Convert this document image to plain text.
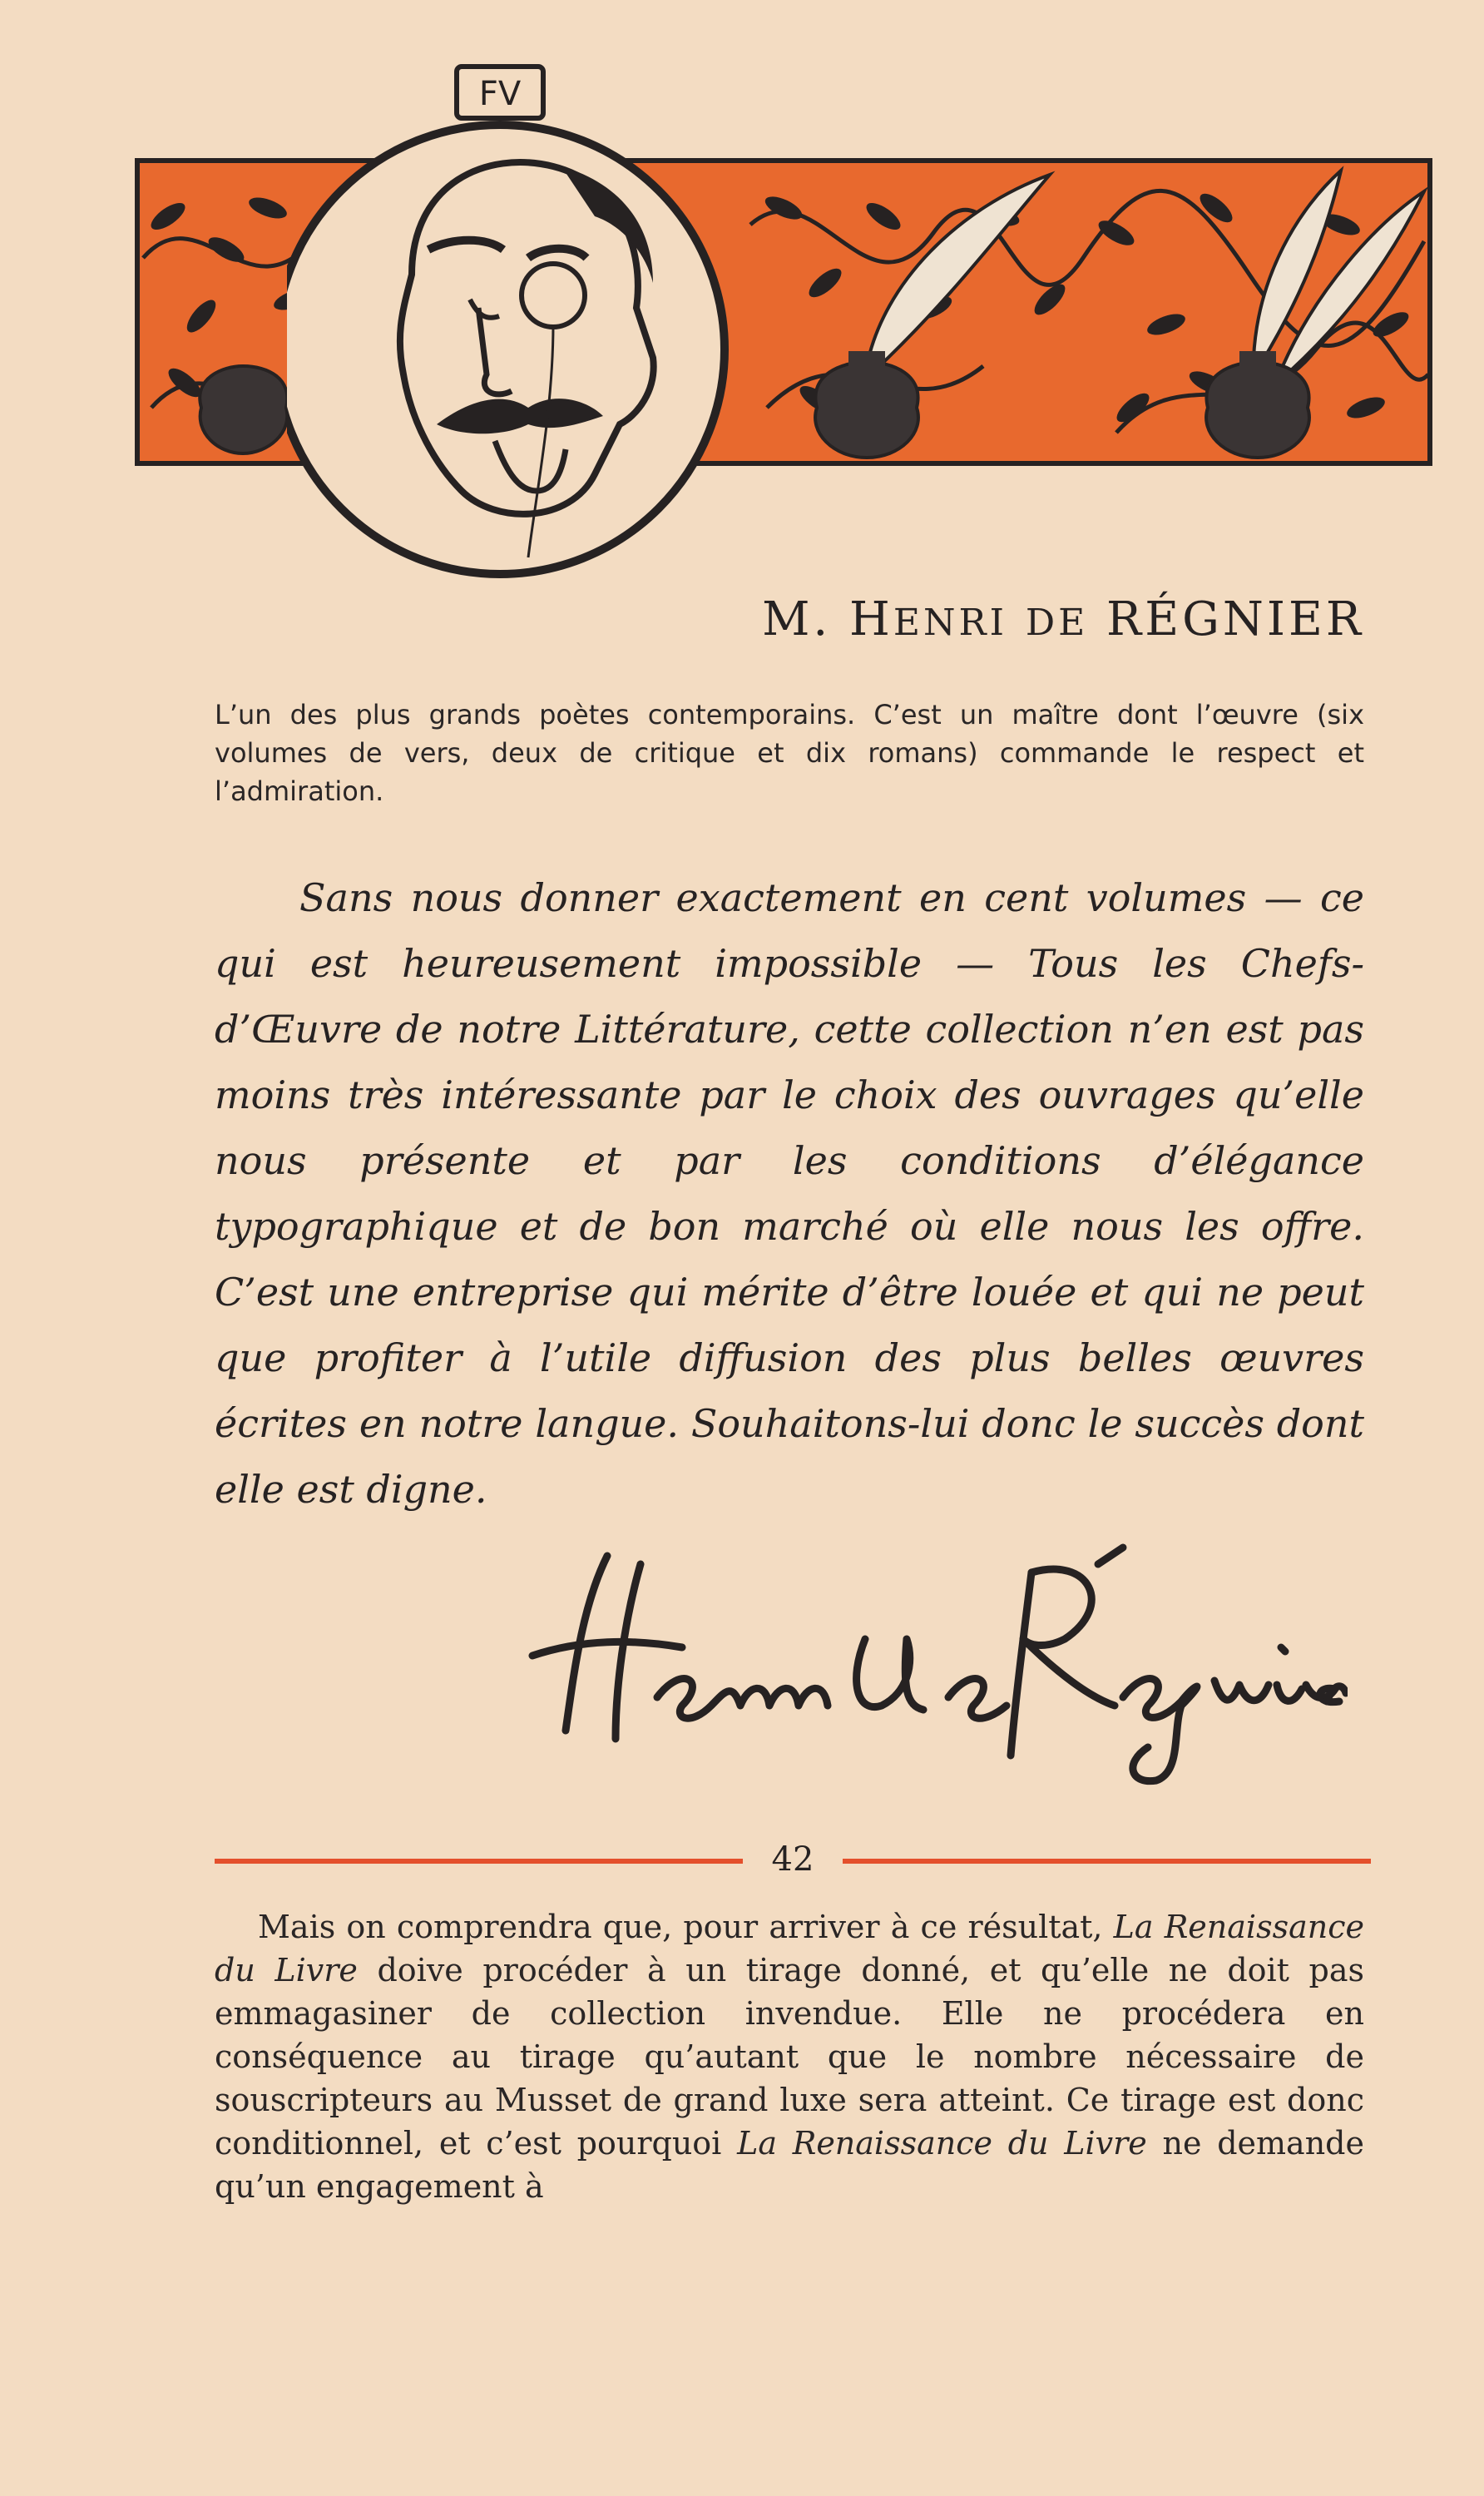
FV
M. HENRI DE RÉGNIER
L’un des plus grands poètes contemporains. C’est un maître dont l’œuvre (six volumes de vers, deux de critique et dix romans) commande le respect et l’admiration.
Sans nous donner exactement en cent volumes — ce qui est heureusement impossible — Tous les Chefs-d’Œuvre de notre Littérature, cette collection n’en est pas moins très intéressante par le choix des ouvrages qu’elle nous présente et par les conditions d’élégance typographique et de bon marché où elle nous les offre. C’est une entreprise qui mérite d’être louée et qui ne peut que profiter à l’utile diffusion des plus belles œuvres écrites en notre langue. Souhaitons-lui donc le succès dont elle est digne.
Henri de Régnier
42

Mais on comprendra que, pour arriver à ce résultat, La Renaissance du Livre doive procéder à un tirage donné, et qu’elle ne doit pas emmagasiner de collection invendue. Elle ne procédera en conséquence au tirage qu’autant que le nombre nécessaire de souscripteurs au Musset de grand luxe sera atteint. Ce tirage est donc conditionnel, et c’est pourquoi La Renaissance du Livre ne demande qu’un engagement à
